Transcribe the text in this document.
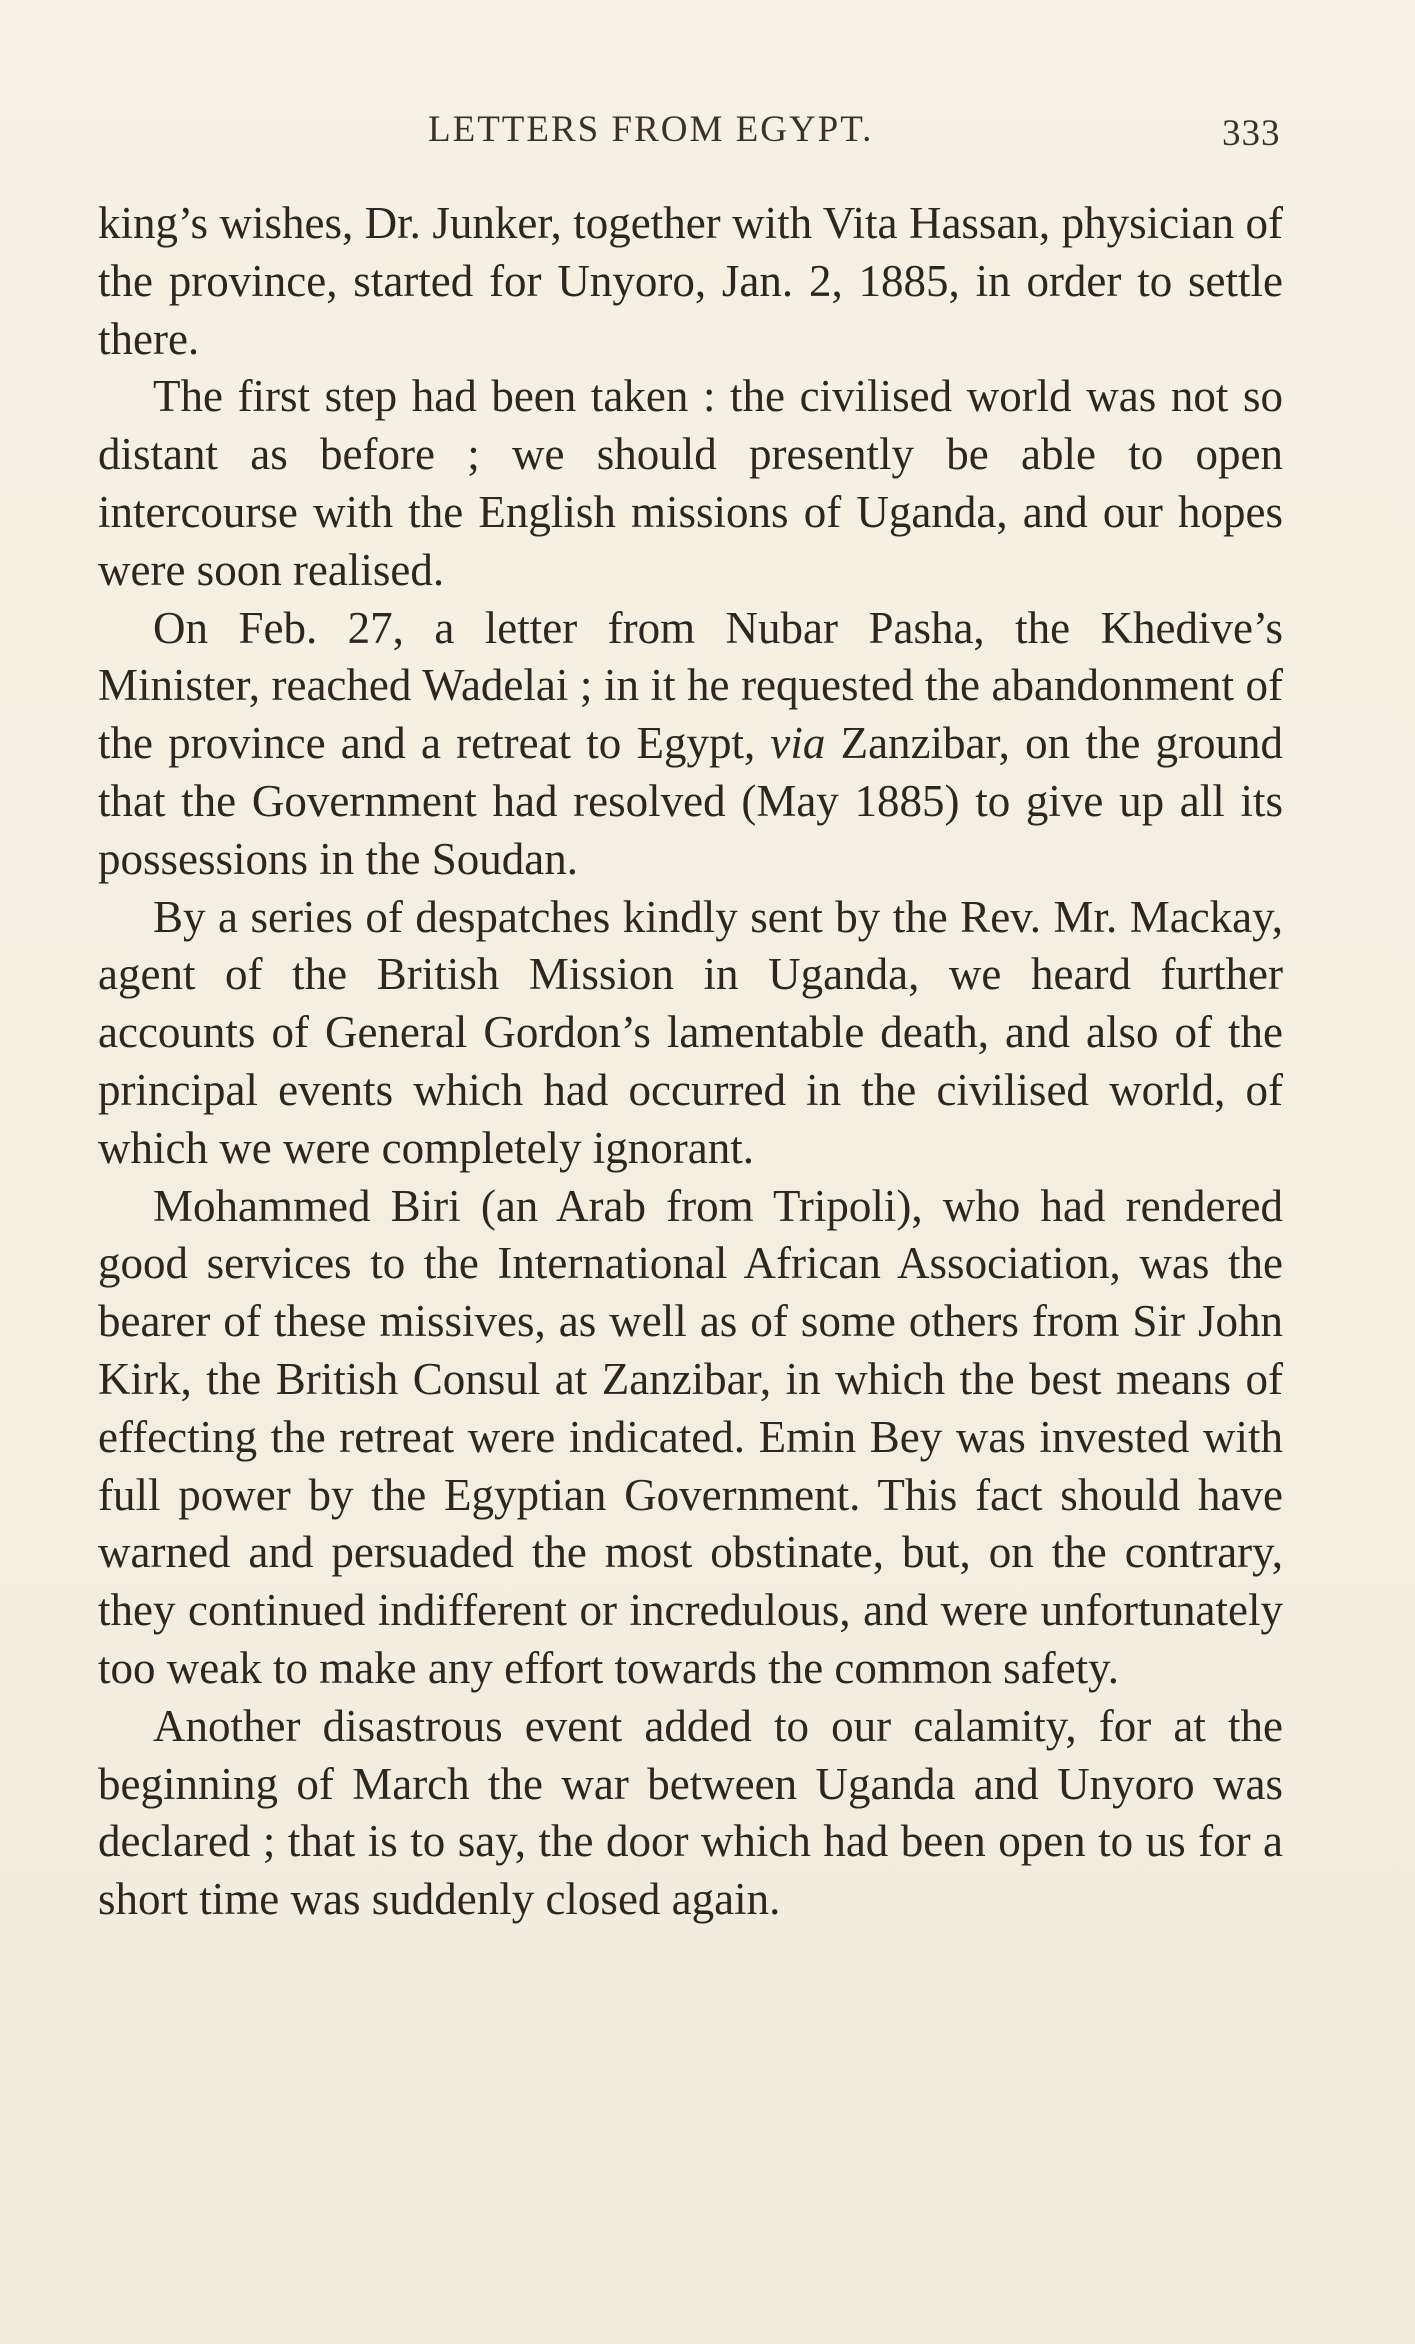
LETTERS FROM EGYPT.	333

king’s wishes, Dr. Junker, together with Vita Hassan, physician of the province, started for Unyoro, Jan. 2, 1885, in order to settle there.

The first step had been taken : the civilised world was not so distant as before ; we should presently be able to open intercourse with the English missions of Uganda, and our hopes were soon realised.

On Feb. 27, a letter from Nubar Pasha, the Khedive’s Minister, reached Wadelai ; in it he requested the abandonment of the province and a retreat to Egypt, via Zanzibar, on the ground that the Government had resolved (May 1885) to give up all its possessions in the Soudan.

By a series of despatches kindly sent by the Rev. Mr. Mackay, agent of the British Mission in Uganda, we heard further accounts of General Gordon’s lamentable death, and also of the principal events which had occurred in the civilised world, of which we were completely ignorant.

Mohammed Biri (an Arab from Tripoli), who had rendered good services to the International African Association, was the bearer of these missives, as well as of some others from Sir John Kirk, the British Consul at Zanzibar, in which the best means of effecting the retreat were indicated. Emin Bey was invested with full power by the Egyptian Government. This fact should have warned and persuaded the most obstinate, but, on the contrary, they continued indifferent or incredulous, and were unfortunately too weak to make any effort towards the common safety.

Another disastrous event added to our calamity, for at the beginning of March the war between Uganda and Unyoro was declared ; that is to say, the door which had been open to us for a short time was suddenly closed again.
